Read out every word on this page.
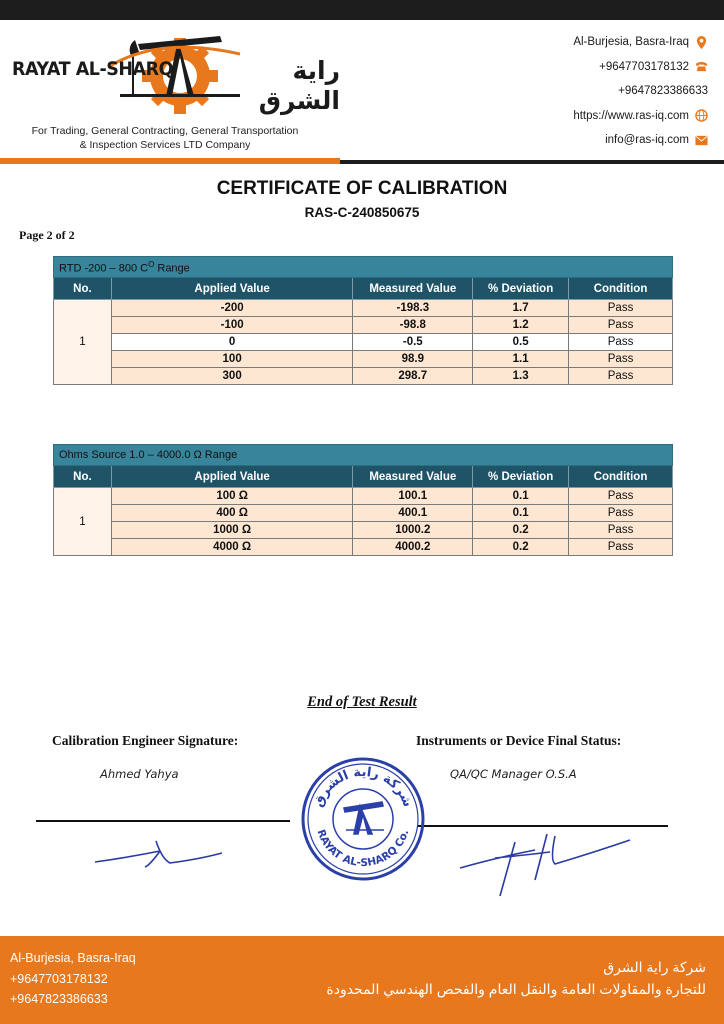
RAYAT AL-SHARQ	راية الشرق
For Trading, General Contracting, General Transportation
& Inspection Services LTD Company
Al-Burjesia, Basra-Iraq
+9647703178132
+9647823386633
https://www.ras-iq.com
info@ras-iq.com
CERTIFICATE OF CALIBRATION
RAS-C-240850675
Page 2 of 2
RTD -200 – 800 $C^O$ Range				
No.	Applied Value	Measured Value	% Deviation	Condition
1	-200	-198.3	1.7	Pass
	-100	-98.8	1.2	Pass
	0	-0.5	0.5	Pass
	100	98.9	1.1	Pass
	300	298.7	1.3	Pass
Ohms Source 1.0 – 4000.0 Ω Range				
No.	Applied Value	Measured Value	% Deviation	Condition
1	100 Ω	100.1	0.1	Pass
	400 Ω	400.1	0.1	Pass
	1000 Ω	1000.2	0.2	Pass
	4000 Ω	4000.2	0.2	Pass
End of Test Result
Calibration Engineer Signature:	Instruments or Device Final Status:
Ahmed Yahya	QA/QC Manager O.S.A
شركة راية الشرق
RAYAT AL-SHARQ Co.
Al-Burjesia, Basra-Iraq
+9647703178132
+9647823386633
شركة راية الشرق
للتجارة والمقاولات العامة والنقل العام والفحص الهندسي المحدودة
